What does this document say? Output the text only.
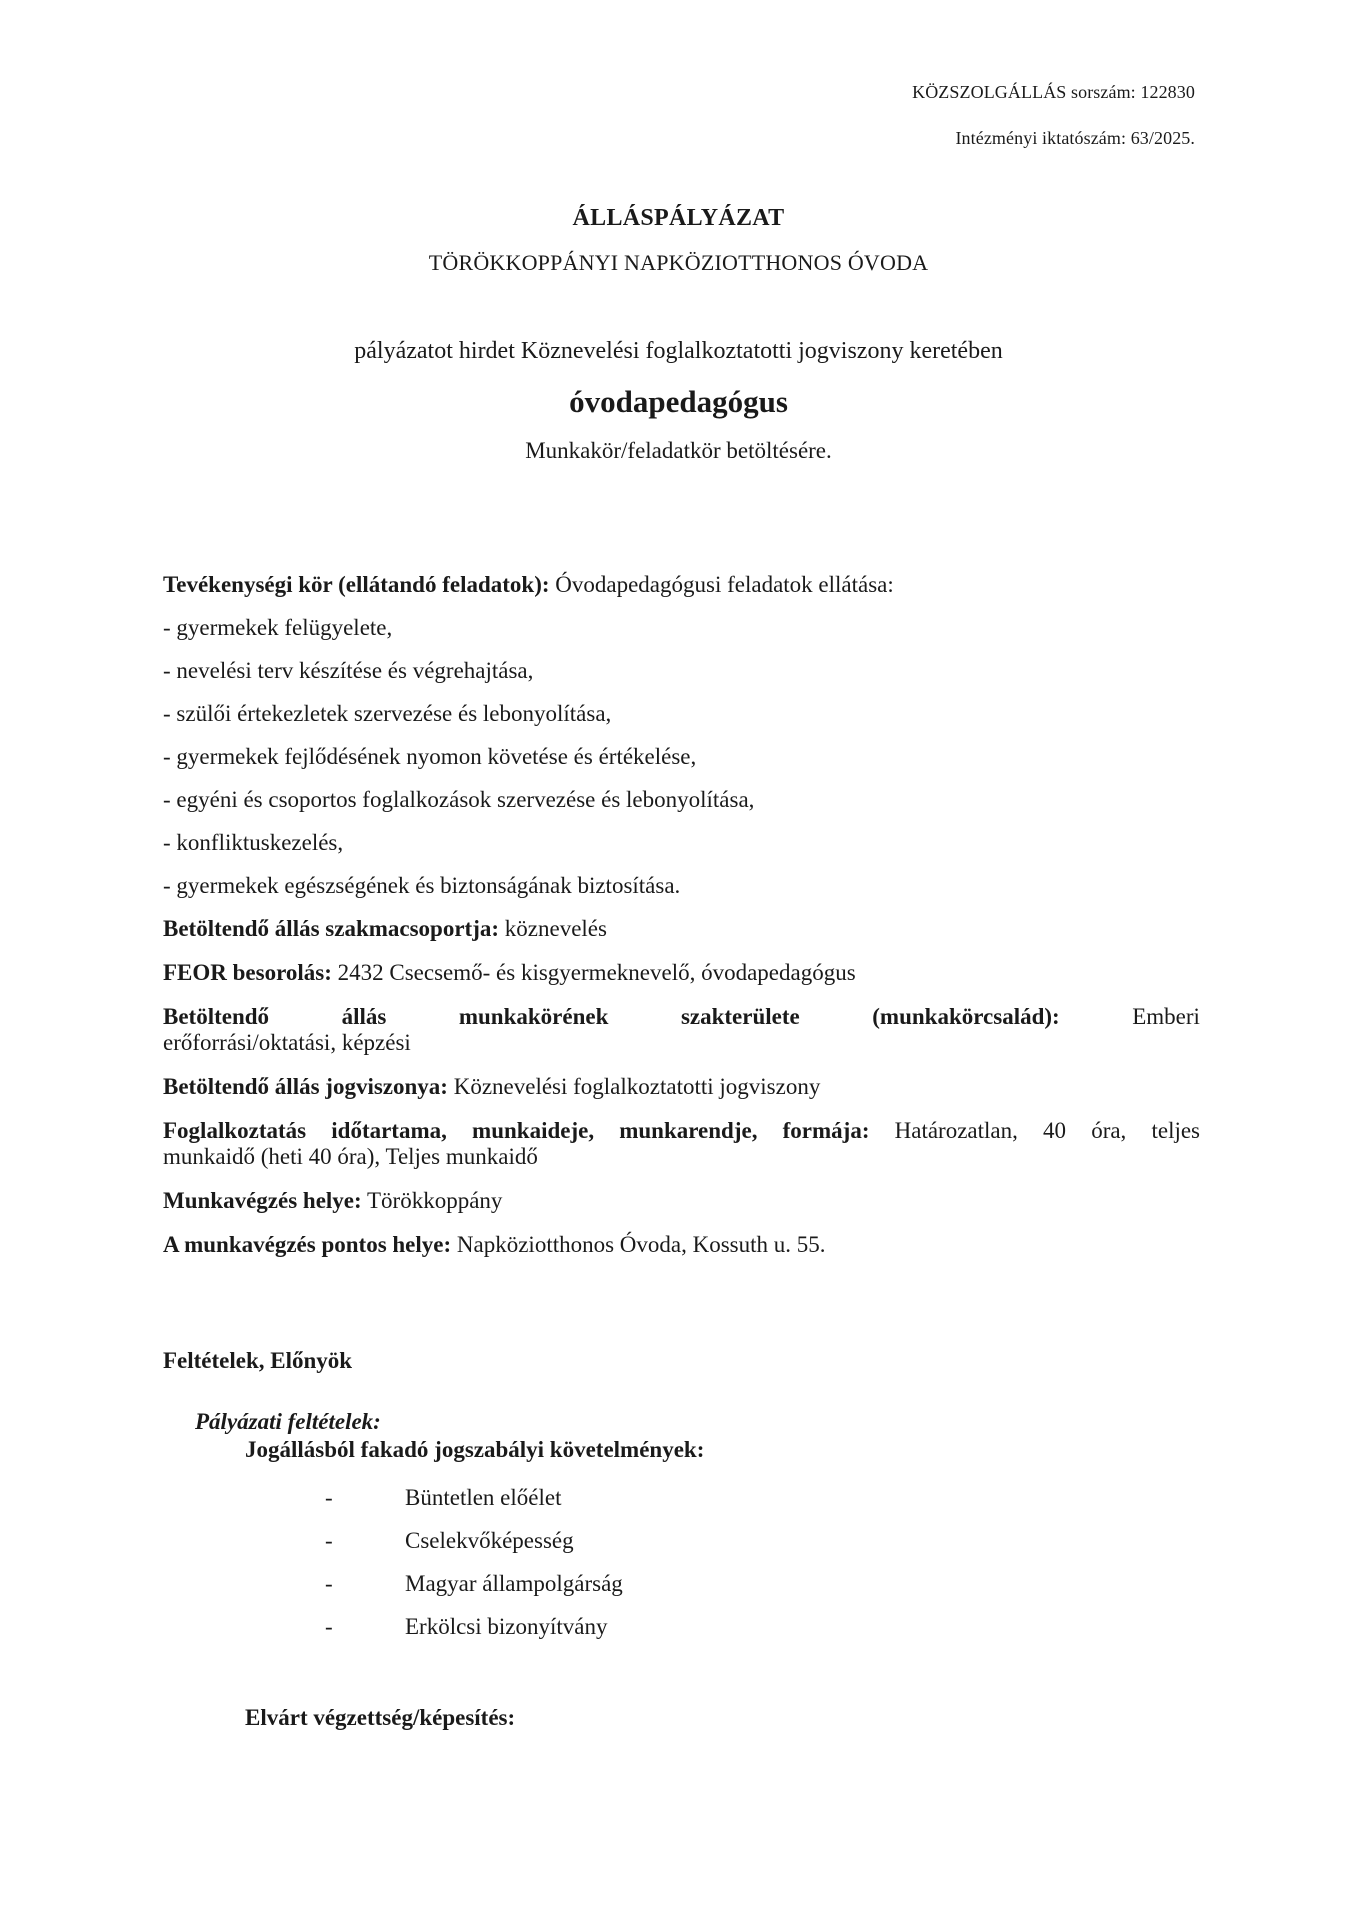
KÖZSZOLGÁLLÁS sorszám: 122830
Intézményi iktatószám: 63/2025.
ÁLLÁSPÁLYÁZAT
TÖRÖKKOPPÁNYI NAPKÖZIOTTHONOS ÓVODA
pályázatot hirdet Köznevelési foglalkoztatotti jogviszony keretében
óvodapedagógus
Munkakör/feladatkör betöltésére.
Tevékenységi kör (ellátandó feladatok): Óvodapedagógusi feladatok ellátása:
- gyermekek felügyelete,
- nevelési terv készítése és végrehajtása,
- szülői értekezletek szervezése és lebonyolítása,
- gyermekek fejlődésének nyomon követése és értékelése,
- egyéni és csoportos foglalkozások szervezése és lebonyolítása,
- konfliktuskezelés,
- gyermekek egészségének és biztonságának biztosítása.
Betöltendő állás szakmacsoportja: köznevelés
FEOR besorolás: 2432 Csecsemő- és kisgyermeknevelő, óvodapedagógus
Betöltendő	állás	munkakörének	szakterülete	(munkakörcsalád):	Emberi
erőforrási/oktatási, képzési
Betöltendő állás jogviszonya: Köznevelési foglalkoztatotti jogviszony
Foglalkoztatás időtartama, munkaideje, munkarendje, formája: Határozatlan, 40 óra, teljes
munkaidő (heti 40 óra), Teljes munkaidő
Munkavégzés helye: Törökkoppány
A munkavégzés pontos helye: Napköziotthonos Óvoda, Kossuth u. 55.
Feltételek, Előnyök
Pályázati feltételek:
Jogállásból fakadó jogszabályi követelmények:
-	Büntetlen előélet
-	Cselekvőképesség
-	Magyar állampolgárság
-	Erkölcsi bizonyítvány
Elvárt végzettség/képesítés:
